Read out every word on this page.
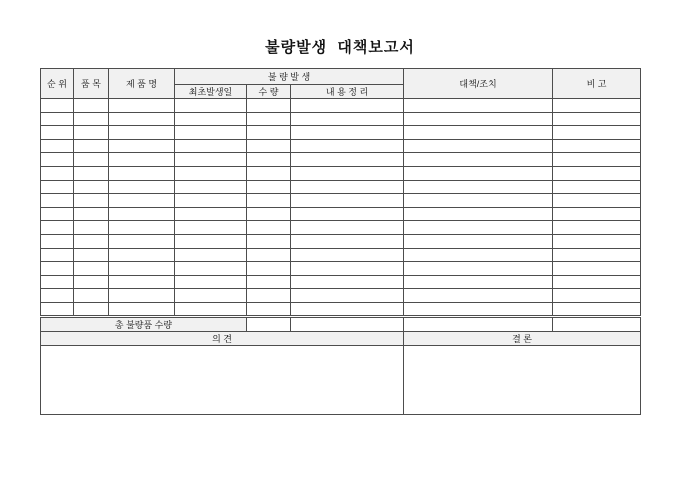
불량발생  대책보고서
순 위	품 목	제 품 명	불 량 발 생			대책/조치	비 고
			최초발생일	수 량	내 용 정 리		

총 불량품 수량							
의 견						결 론	
